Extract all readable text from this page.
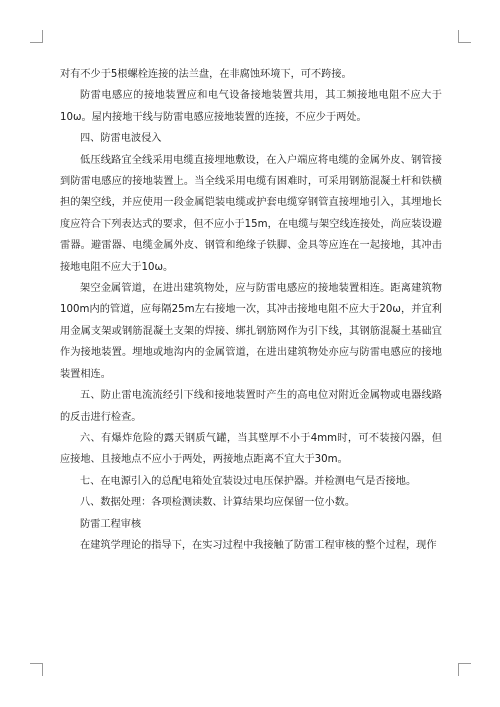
对有不少于5根螺栓连接的法兰盘，在非腐蚀环境下，可不跨接。

防雷电感应的接地装置应和电气设备接地装置共用，其工频接地电阻不应大于10ω。屋内接地干线与防雷电感应接地装置的连接，不应少于两处。

四、防雷电波侵入

低压线路宜全线采用电缆直接埋地敷设，在入户端应将电缆的金属外皮、钢管接到防雷电感应的接地装置上。当全线采用电缆有困难时，可采用钢筋混凝土杆和铁横担的架空线，并应使用一段金属铠装电缆或护套电缆穿钢管直接埋地引入，其埋地长度应符合下列表达式的要求，但不应小于15m，在电缆与架空线连接处，尚应装设避雷器。避雷器、电缆金属外皮、钢管和绝缘子铁脚、金具等应连在一起接地，其冲击接地电阻不应大于10ω。

架空金属管道，在进出建筑物处，应与防雷电感应的接地装置相连。距离建筑物100m内的管道，应每隔25m左右接地一次，其冲击接地电阻不应大于20ω，并宜利用金属支架或钢筋混凝土支架的焊接、绑扎钢筋网作为引下线，其钢筋混凝土基础宜作为接地装置。埋地或地沟内的金属管道，在进出建筑物处亦应与防雷电感应的接地装置相连。

五、防止雷电流流经引下线和接地装置时产生的高电位对附近金属物或电器线路的反击进行检查。

六、有爆炸危险的露天钢质气罐，当其壁厚不小于4mm时，可不装接闪器，但应接地、且接地点不应小于两处，两接地点距离不宜大于30m。

七、在电源引入的总配电箱处宜装设过电压保护器。并检测电气是否接地。

八、数据处理：各项检测读数、计算结果均应保留一位小数。

防雷工程审核

在建筑学理论的指导下，在实习过程中我接触了防雷工程审核的整个过程，现作
